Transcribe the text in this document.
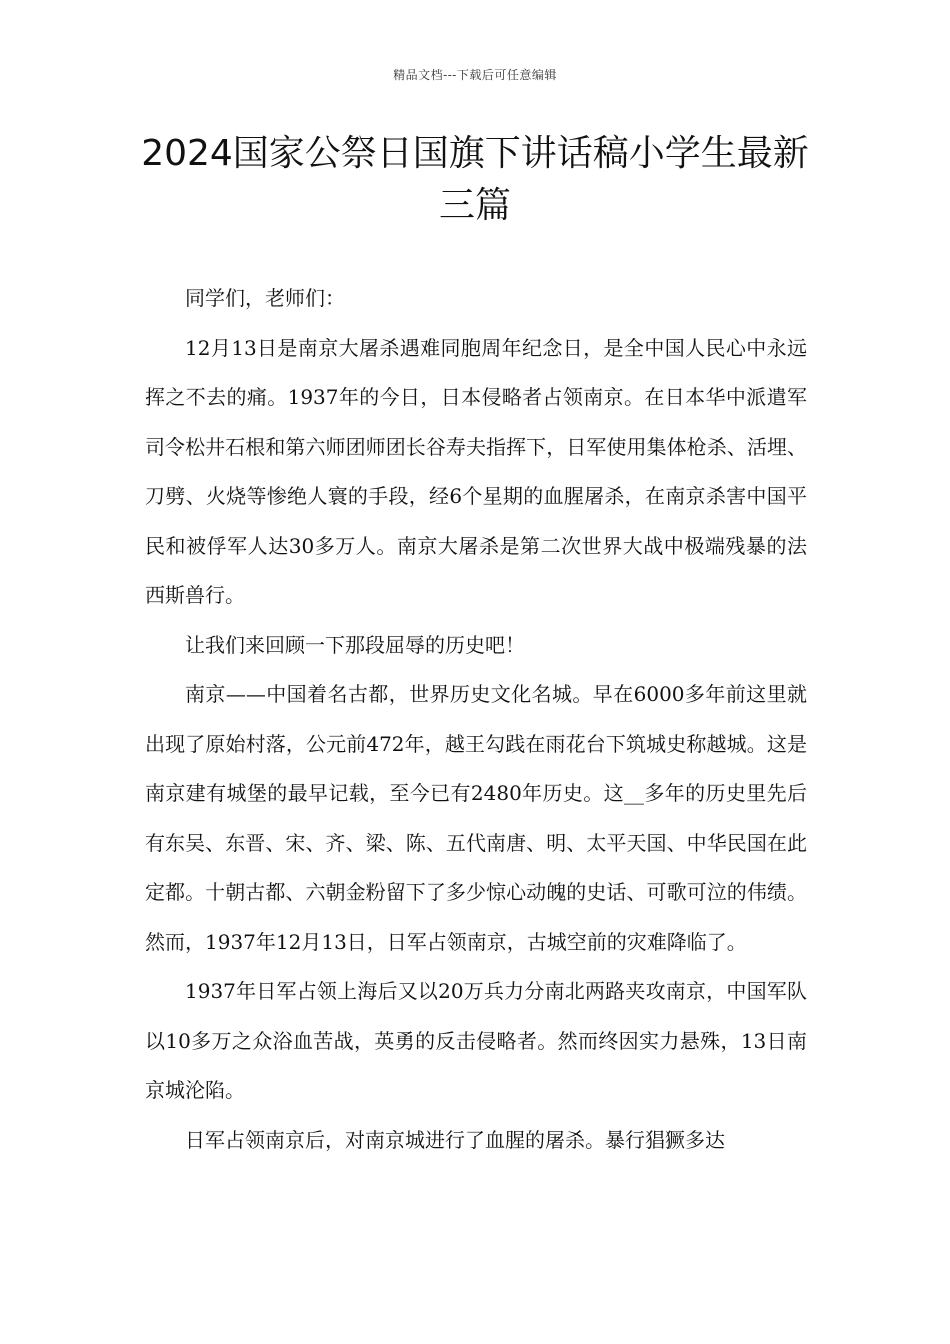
精品文档---下载后可任意编辑
2024国家公祭日国旗下讲话稿小学生最新三篇

同学们，老师们：

12月13日是南京大屠杀遇难同胞周年纪念日，是全中国人民心中永远挥之不去的痛。1937年的今日，日本侵略者占领南京。在日本华中派遣军司令松井石根和第六师团师团长谷寿夫指挥下，日军使用集体枪杀、活埋、刀劈、火烧等惨绝人寰的手段，经6个星期的血腥屠杀，在南京杀害中国平民和被俘军人达30多万人。南京大屠杀是第二次世界大战中极端残暴的法西斯兽行。

让我们来回顾一下那段屈辱的历史吧！

南京——中国着名古都，世界历史文化名城。早在6000多年前这里就出现了原始村落，公元前472年，越王勾践在雨花台下筑城史称越城。这是南京建有城堡的最早记载，至今已有2480年历史。这__多年的历史里先后有东吴、东晋、宋、齐、梁、陈、五代南唐、明、太平天国、中华民国在此定都。十朝古都、六朝金粉留下了多少惊心动魄的史话、可歌可泣的伟绩。然而，1937年12月13日，日军占领南京，古城空前的灾难降临了。

1937年日军占领上海后又以20万兵力分南北两路夹攻南京，中国军队以10多万之众浴血苦战，英勇的反击侵略者。然而终因实力悬殊，13日南京城沦陷。

日军占领南京后，对南京城进行了血腥的屠杀。暴行猖獗多达
